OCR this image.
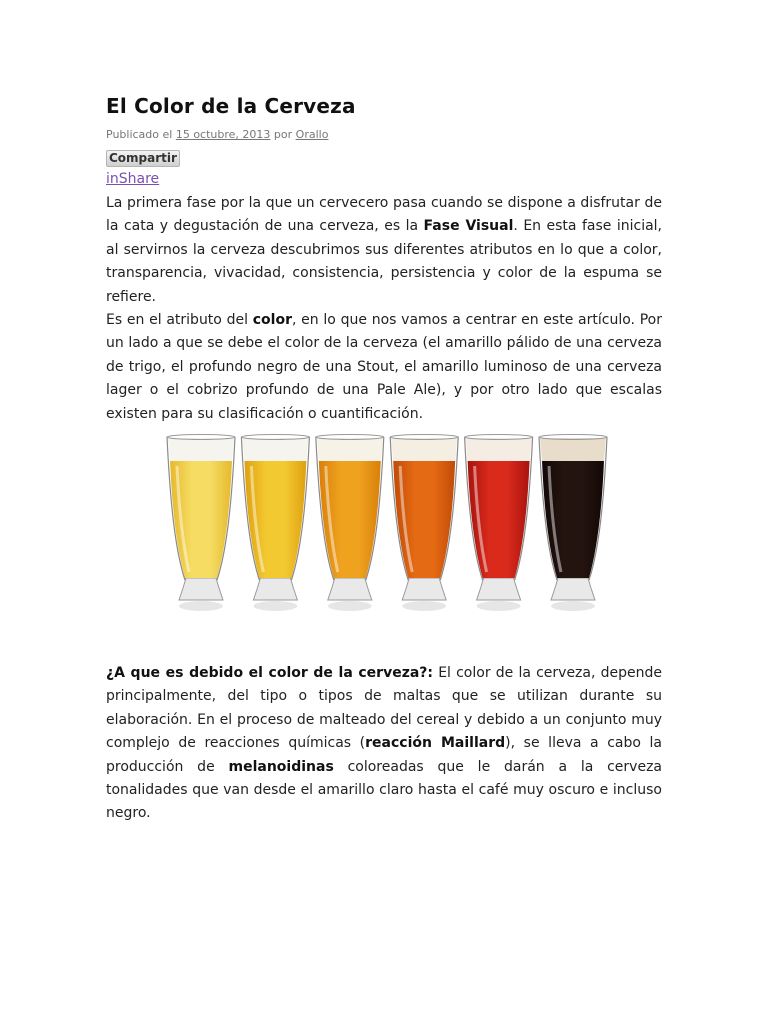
El Color de la Cerveza
Publicado el 15 octubre, 2013 por Orallo
Compartir
inShare

La primera fase por la que un cervecero pasa cuando se dispone a disfrutar de la cata y degustación de una cerveza, es la Fase Visual. En esta fase inicial, al servirnos la cerveza descubrimos sus diferentes atributos en lo que a color, transparencia, vivacidad, consistencia, persistencia y color de la espuma se refiere.

Es en el atributo del color, en lo que nos vamos a centrar en este artículo. Por un lado a que se debe el color de la cerveza (el amarillo pálido de una cerveza de trigo, el profundo negro de una Stout, el amarillo luminoso de una cerveza lager o el cobrizo profundo de una Pale Ale), y por otro lado que escalas existen para su clasificación o cuantificación.

¿A que es debido el color de la cerveza?: El color de la cerveza, depende principalmente, del tipo o tipos de maltas que se utilizan durante su elaboración. En el proceso de malteado del cereal y debido a un conjunto muy complejo de reacciones químicas (reacción Maillard), se lleva a cabo la producción de melanoidinas coloreadas que le darán a la cerveza tonalidades que van desde el amarillo claro hasta el café muy oscuro e incluso negro.
